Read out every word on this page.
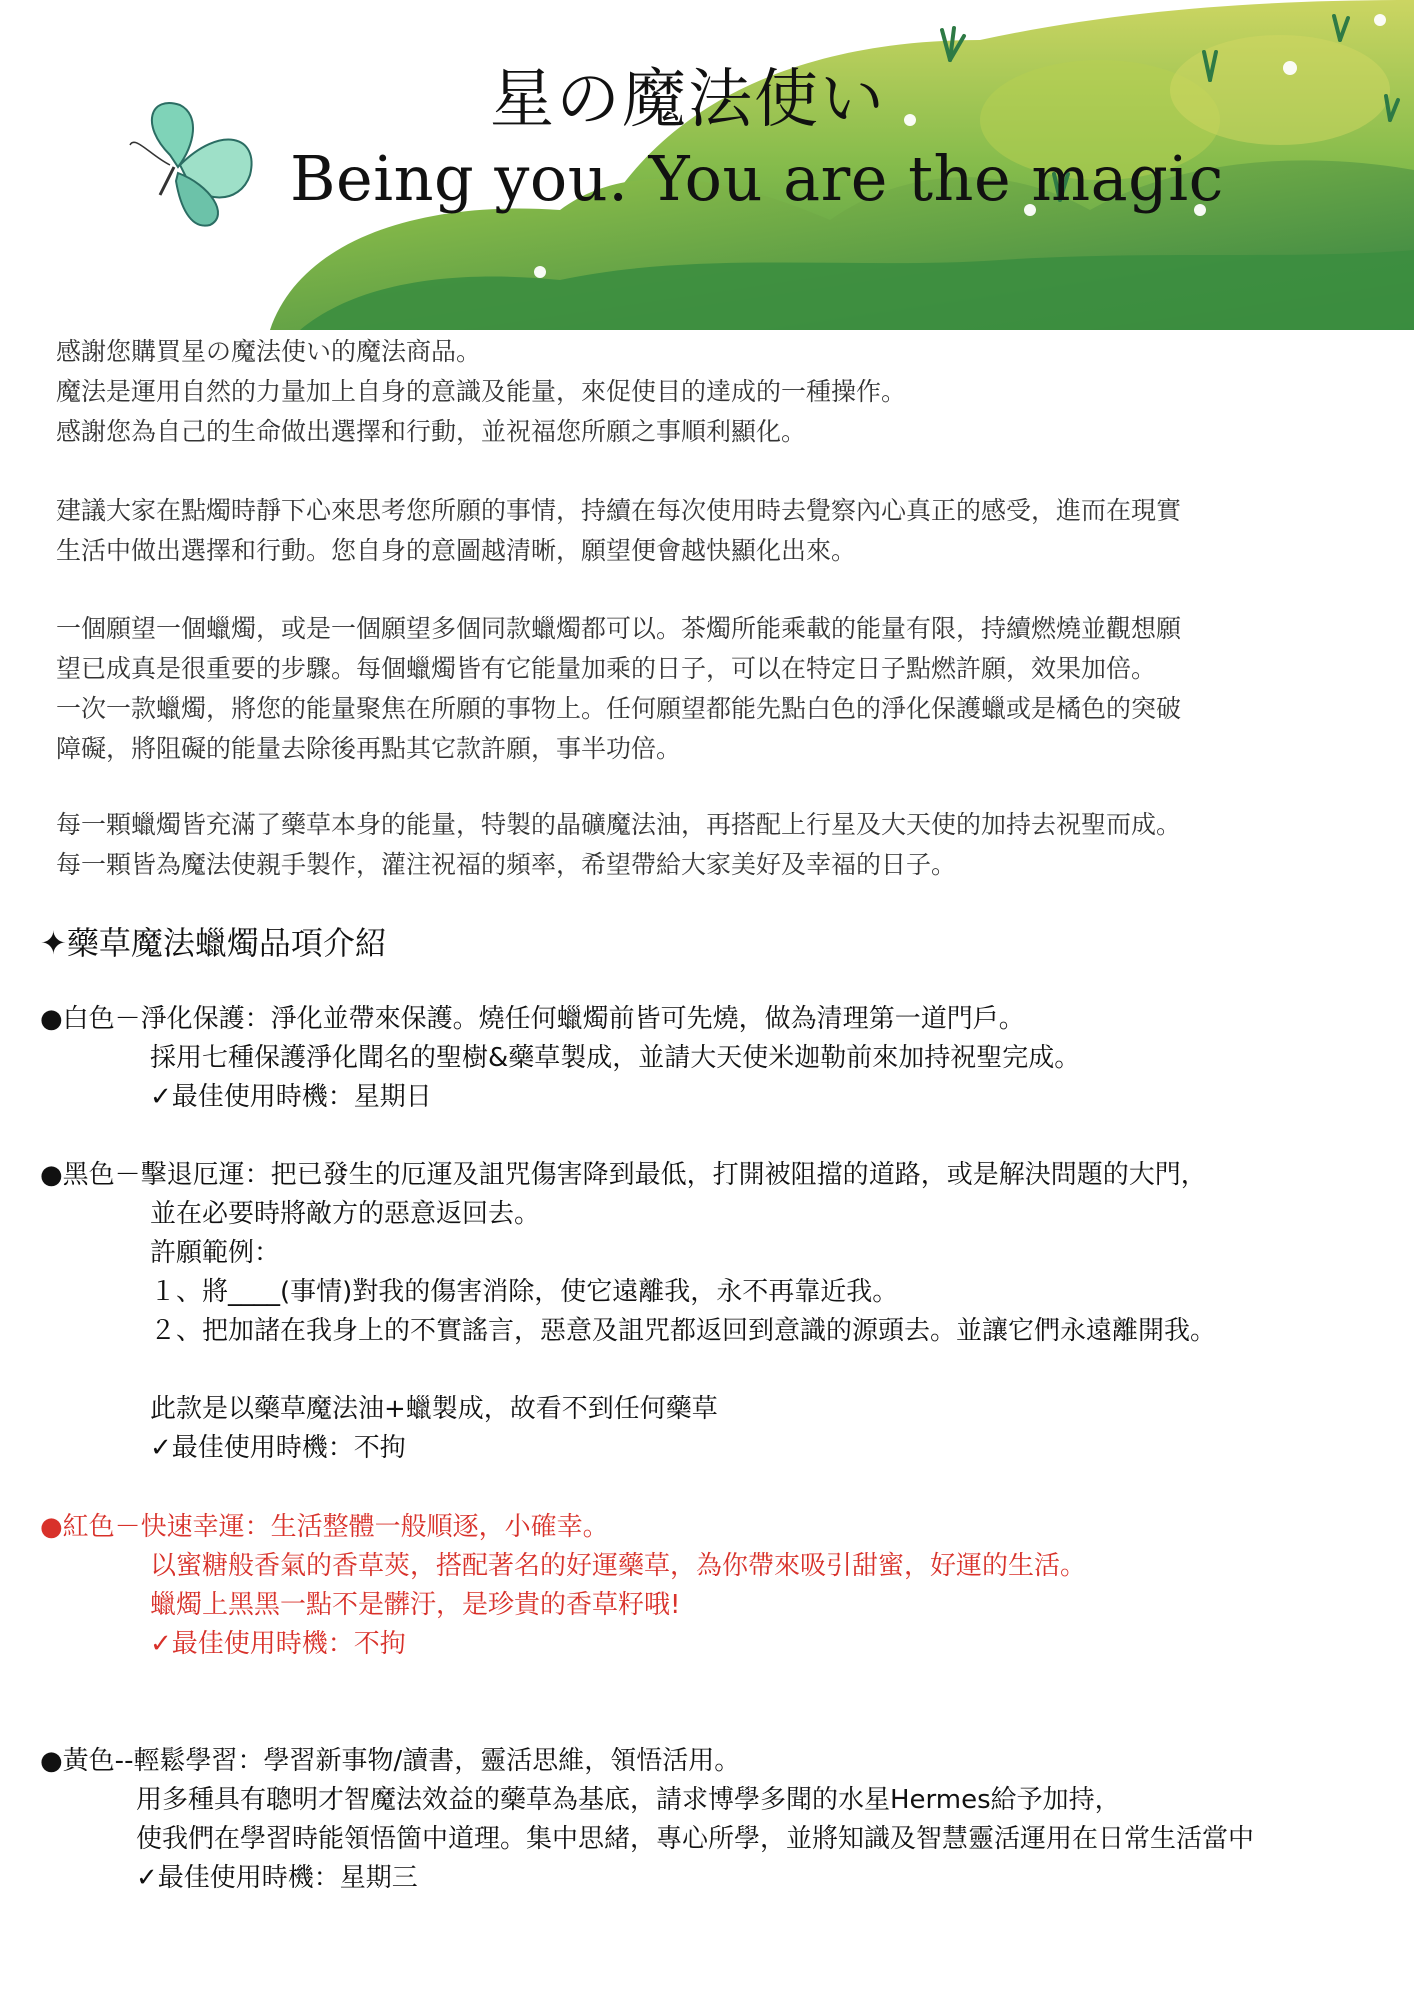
星の魔法使い
Being you. You are the magic
感謝您購買星の魔法使い的魔法商品。
魔法是運用自然的力量加上自身的意識及能量，來促使目的達成的一種操作。
感謝您為自己的生命做出選擇和行動，並祝福您所願之事順利顯化。
建議大家在點燭時靜下心來思考您所願的事情，持續在每次使用時去覺察內心真正的感受，進而在現實
生活中做出選擇和行動。您自身的意圖越清晰，願望便會越快顯化出來。
一個願望一個蠟燭，或是一個願望多個同款蠟燭都可以。茶燭所能乘載的能量有限，持續燃燒並觀想願
望已成真是很重要的步驟。每個蠟燭皆有它能量加乘的日子，可以在特定日子點燃許願，效果加倍。
一次一款蠟燭，將您的能量聚焦在所願的事物上。任何願望都能先點白色的淨化保護蠟或是橘色的突破
障礙，將阻礙的能量去除後再點其它款許願，事半功倍。
每一顆蠟燭皆充滿了藥草本身的能量，特製的晶礦魔法油，再搭配上行星及大天使的加持去祝聖而成。
每一顆皆為魔法使親手製作，灌注祝福的頻率，希望帶給大家美好及幸福的日子。
✦藥草魔法蠟燭品項介紹
●白色－淨化保護：淨化並帶來保護。燒任何蠟燭前皆可先燒，做為清理第一道門戶。
採用七種保護淨化聞名的聖樹&藥草製成，並請大天使米迦勒前來加持祝聖完成。
✓最佳使用時機：星期日
●黑色－擊退厄運：把已發生的厄運及詛咒傷害降到最低，打開被阻擋的道路，或是解決問題的大門，
並在必要時將敵方的惡意返回去。
許願範例：
１、將____(事情)對我的傷害消除，使它遠離我，永不再靠近我。
２、把加諸在我身上的不實謠言，惡意及詛咒都返回到意識的源頭去。並讓它們永遠離開我。
此款是以藥草魔法油+蠟製成，故看不到任何藥草
✓最佳使用時機：不拘
●紅色－快速幸運：生活整體一般順逐，小確幸。
以蜜糖般香氣的香草莢，搭配著名的好運藥草，為你帶來吸引甜蜜，好運的生活。
蠟燭上黑黑一點不是髒汙，是珍貴的香草籽哦!
✓最佳使用時機：不拘
●黃色--輕鬆學習：學習新事物/讀書，靈活思維，領悟活用。
用多種具有聰明才智魔法效益的藥草為基底，請求博學多聞的水星Hermes給予加持，
使我們在學習時能領悟箇中道理。集中思緒，專心所學，並將知識及智慧靈活運用在日常生活當中
✓最佳使用時機：星期三
